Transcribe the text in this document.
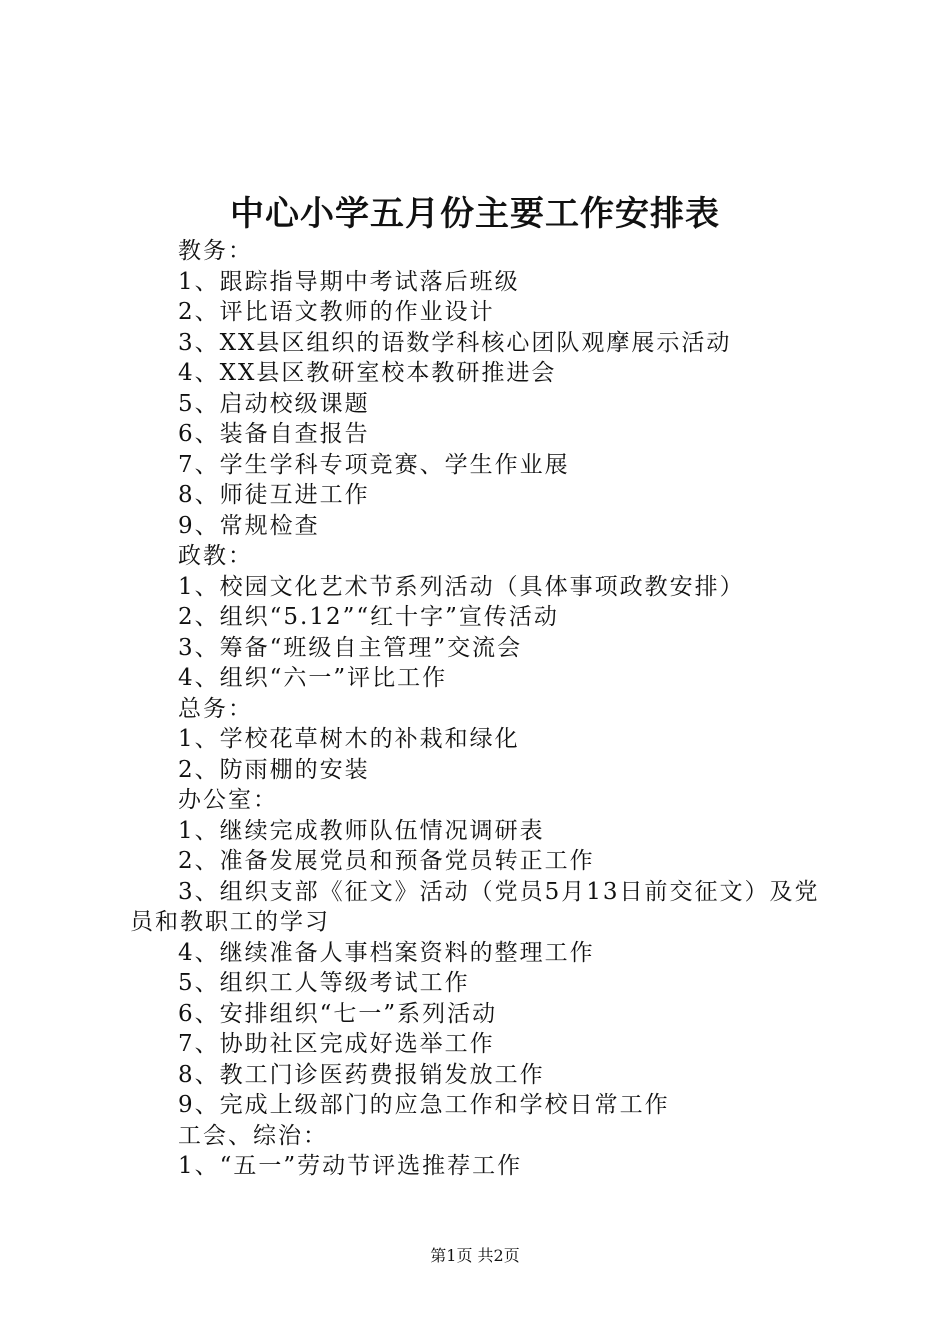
中心小学五月份主要工作安排表
教务：
1、跟踪指导期中考试落后班级
2、评比语文教师的作业设计
3、XX县区组织的语数学科核心团队观摩展示活动
4、XX县区教研室校本教研推进会
5、启动校级课题
6、装备自查报告
7、学生学科专项竞赛、学生作业展
8、师徒互进工作
9、常规检查
政教：
1、校园文化艺术节系列活动（具体事项政教安排）
2、组织“5.12”“红十字”宣传活动
3、筹备“班级自主管理”交流会
4、组织“六一”评比工作
总务：
1、学校花草树木的补栽和绿化
2、防雨棚的安装
办公室：
1、继续完成教师队伍情况调研表
2、准备发展党员和预备党员转正工作
3、组织支部《征文》活动（党员5月13日前交征文）及党员和教职工的学习
4、继续准备人事档案资料的整理工作
5、组织工人等级考试工作
6、安排组织“七一”系列活动
7、协助社区完成好选举工作
8、教工门诊医药费报销发放工作
9、完成上级部门的应急工作和学校日常工作
工会、综治：
1、“五一”劳动节评选推荐工作
第1页 共2页
